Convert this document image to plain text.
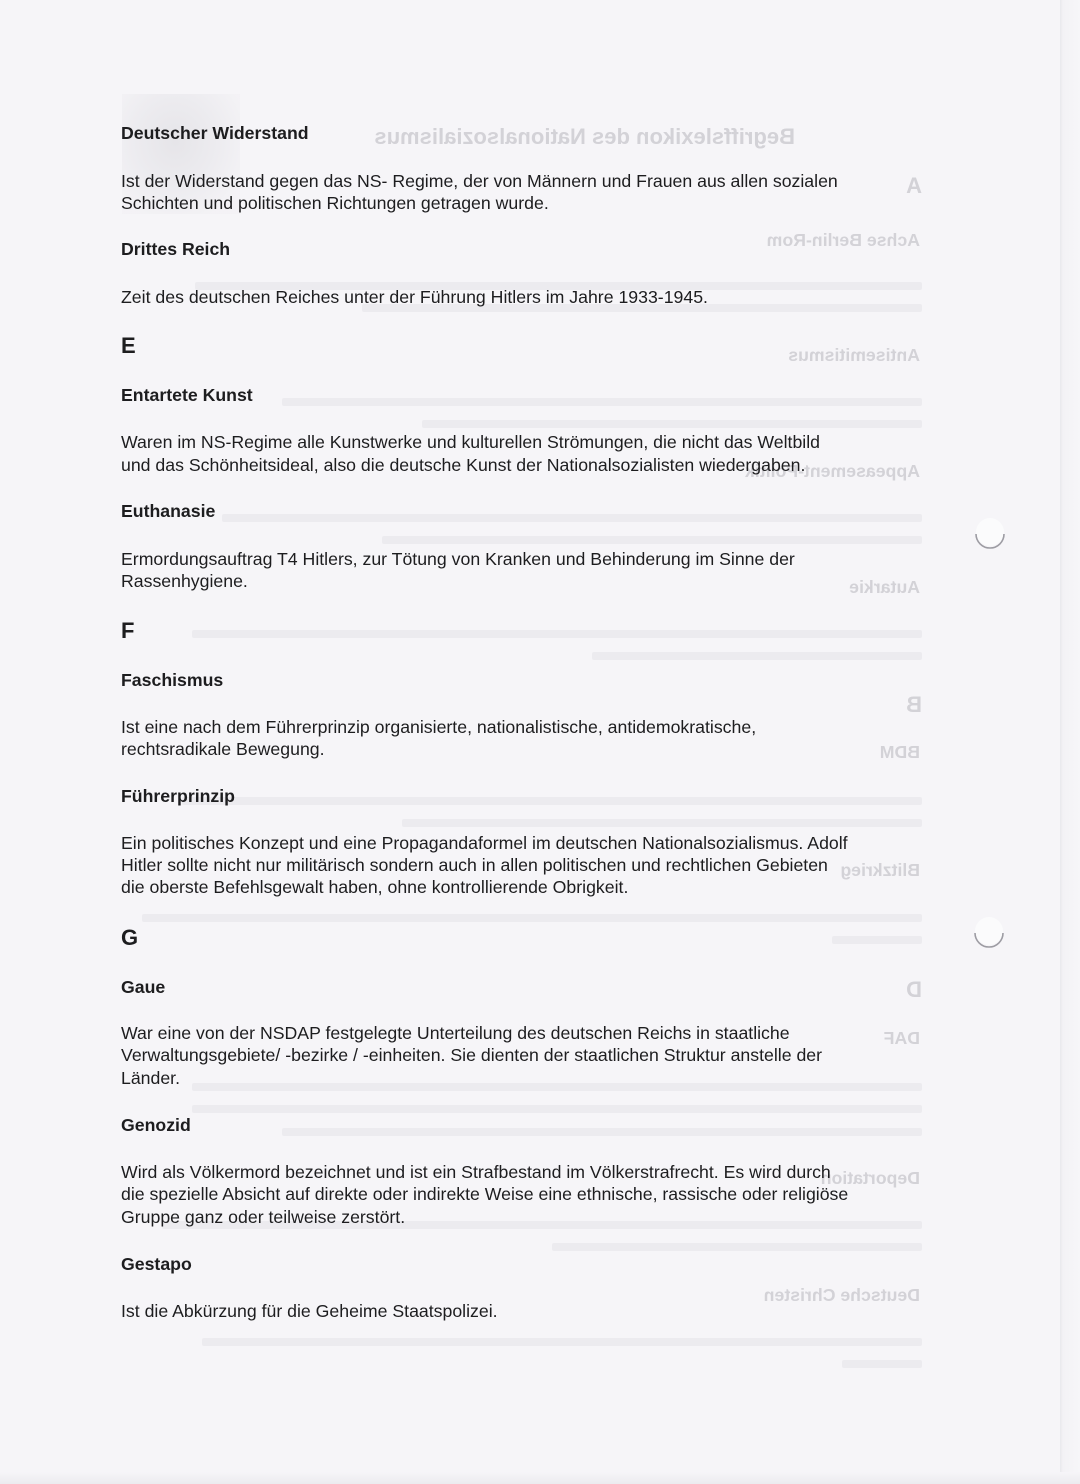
Begriffslexikon des Nationalsozialismus
A
Achse Berlin-Rom
Antisemitismus
Appeasement-Politik
Autarkie
B
BDM
Blitzkrieg
D
DAF
Deportation
Deutsche Christen
Deutscher Widerstand
Ist der Widerstand gegen das NS- Regime, der von Männern und Frauen aus allen sozialen
Schichten und politischen Richtungen getragen wurde.
Drittes Reich
Zeit des deutschen Reiches unter der Führung Hitlers im Jahre 1933-1945.
E
Entartete Kunst
Waren im NS-Regime alle Kunstwerke und kulturellen Strömungen, die nicht das Weltbild
und das Schönheitsideal, also die deutsche Kunst der Nationalsozialisten wiedergaben.
Euthanasie
Ermordungsauftrag T4 Hitlers, zur Tötung von Kranken und Behinderung im Sinne der
Rassenhygiene.
F
Faschismus
Ist eine nach dem Führerprinzip organisierte, nationalistische, antidemokratische,
rechtsradikale Bewegung.
Führerprinzip
Ein politisches Konzept und eine Propagandaformel im deutschen Nationalsozialismus. Adolf
Hitler sollte nicht nur militärisch sondern auch in allen politischen und rechtlichen Gebieten
die oberste Befehlsgewalt haben, ohne kontrollierende Obrigkeit.
G
Gaue
War eine von der NSDAP festgelegte Unterteilung des deutschen Reichs in staatliche
Verwaltungsgebiete/ -bezirke / -einheiten. Sie dienten der staatlichen Struktur anstelle der
Länder.
Genozid
Wird als Völkermord bezeichnet und ist ein Strafbestand im Völkerstrafrecht. Es wird durch
die spezielle Absicht auf direkte oder indirekte Weise eine ethnische, rassische oder religiöse
Gruppe ganz oder teilweise zerstört.
Gestapo
Ist die Abkürzung für die Geheime Staatspolizei.
